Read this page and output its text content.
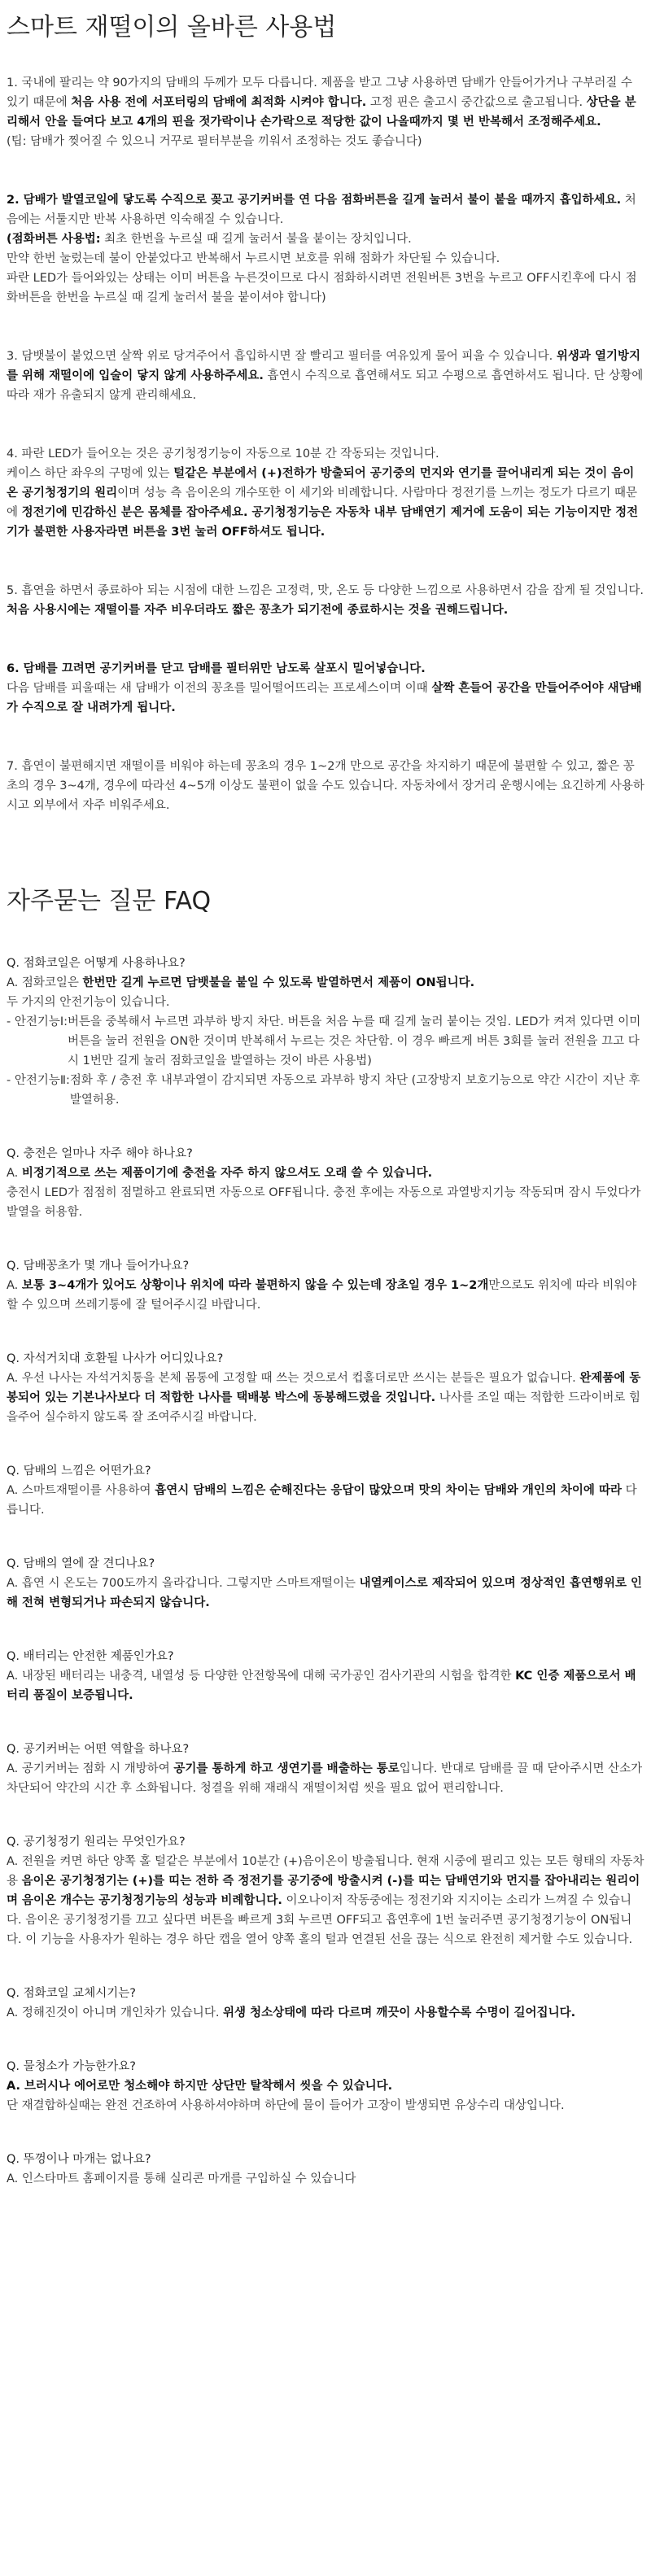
스마트 재떨이의 올바른 사용법

1. 국내에 팔리는 약 90가지의 담배의 두께가 모두 다릅니다. 제품을 받고 그냥 사용하면 담배가 안들어가거나 구부러질 수 있기 때문에 처음 사용 전에 서포터링의 담배에 최적화 시켜야 합니다. 고정 핀은 출고시 중간값으로 출고됩니다. 상단을 분리해서 안을 들여다 보고 4개의 핀을 젓가락이나 손가락으로 적당한 값이 나올때까지 몇 번 반복해서 조정해주세요.

(팁: 담배가 찢어질 수 있으니 거꾸로 필터부분을 끼워서 조정하는 것도 좋습니다)

2. 담배가 발열코일에 닿도록 수직으로 꽂고 공기커버를 연 다음 점화버튼을 길게 눌러서 불이 붙을 때까지 흡입하세요. 처음에는 서툴지만 반복 사용하면 익숙해질 수 있습니다.

(점화버튼 사용법: 최초 한번을 누르실 때 길게 눌러서 불을 붙이는 장치입니다.

만약 한번 눌렀는데 불이 안붙었다고 반복해서 누르시면 보호를 위해 점화가 차단될 수 있습니다.

파란 LED가 들어와있는 상태는 이미 버튼을 누른것이므로 다시 점화하시려면 전원버튼 3번을 누르고 OFF시킨후에 다시 점화버튼을 한번을 누르실 때 길게 눌러서 불을 붙이셔야 합니다)

3. 담뱃불이 붙었으면 살짝 위로 당겨주어서 흡입하시면 잘 빨리고 필터를 여유있게 물어 피울 수 있습니다. 위생과 열기방지를 위해 재떨이에 입술이 닿지 않게 사용하주세요. 흡연시 수직으로 흡연해셔도 되고 수평으로 흡연하셔도 됩니다. 단 상황에 따라 재가 유출되지 않게 관리해세요.

4. 파란 LED가 들어오는 것은 공기청정기능이 자동으로 10분 간 작동되는 것입니다.

케이스 하단 좌우의 구멍에 있는 털같은 부분에서 (+)전하가 방출되어 공기중의 먼지와 연기를 끌어내리게 되는 것이 음이온 공기청정기의 원리이며 성능 측 음이온의 개수또한 이 세기와 비례합니다. 사람마다 정전기를 느끼는 정도가 다르기 때문에 정전기에 민감하신 분은 몸체를 잡아주세요. 공기청정기능은 자동차 내부 담배연기 제거에 도움이 되는 기능이지만 정전기가 불편한 사용자라면 버튼을 3번 눌러 OFF하셔도 됩니다.

5. 흡연을 하면서 종료하아 되는 시점에 대한 느낌은 고정력, 맛, 온도 등 다양한 느낌으로 사용하면서 감을 잡게 될 것입니다. 처음 사용시에는 재떨이를 자주 비우더라도 짧은 꽁초가 되기전에 종료하시는 것을 권해드립니다.

6. 담배를 끄려면 공기커버를 닫고 담배를 필터위만 남도록 살포시 밀어넣습니다.

다음 담배를 피울때는 새 담배가 이전의 꽁초를 밀어떨어뜨리는 프로세스이며 이때 살짝 흔들어 공간을 만들어주어야 새담배가 수직으로 잘 내려가게 됩니다.

7. 흡연이 불편해지면 재떨이를 비워야 하는데 꽁초의 경우 1~2개 만으로 공간을 차지하기 때문에 불편할 수 있고, 짧은 꽁초의 경우 3~4개, 경우에 따라선 4~5개 이상도 불편이 없을 수도 있습니다. 자동차에서 장거리 운행시에는 요긴하게 사용하시고 외부에서 자주 비워주세요.

자주묻는 질문 FAQ

Q. 점화코일은 어떻게 사용하나요?

A. 점화코일은 한번만 길게 누르면 담뱃불을 붙일 수 있도록 발열하면서 제품이 ON됩니다.

두 가지의 안전기능이 있습니다.

- 안전기능Ⅰ: 버튼을 중복해서 누르면 과부하 방지 차단. 버튼을 처음 누를 때 길게 눌러 붙이는 것임. LED가 켜져 있다면 이미 버튼을 눌러 전원을 ON한 것이며 반복해서 누르는 것은 차단함. 이 경우 빠르게 버튼 3회를 눌러 전원을 끄고 다시 1번만 길게 눌러 점화코일을 발열하는 것이 바른 사용법)
- 안전기능Ⅱ: 점화 후 / 충전 후 내부과열이 감지되면 자동으로 과부하 방지 차단 (고장방지 보호기능으로 약간 시간이 지난 후 발열허용.

Q. 충전은 얼마나 자주 해야 하나요?

A. 비정기적으로 쓰는 제품이기에 충전을 자주 하지 않으셔도 오래 쓸 수 있습니다.

충전시 LED가 점점히 점멸하고 완료되면 자동으로 OFF됩니다. 충전 후에는 자동으로 과열방지기능 작동되며 잠시 두었다가 발열을 허용함.

Q. 담배꽁초가 몇 개나 들어가나요?

A. 보통 3~4개가 있어도 상황이나 위치에 따라 불편하지 않을 수 있는데 장초일 경우 1~2개만으로도 위치에 따라 비워야 할 수 있으며 쓰레기통에 잘 털어주시길 바랍니다.

Q. 자석거치대 호환될 나사가 어디있나요?

A. 우선 나사는 자석거치통을 본체 몸통에 고정할 때 쓰는 것으로서 컵홀더로만 쓰시는 분들은 필요가 없습니다. 완제품에 동봉되어 있는 기본나사보다 더 적합한 나사를 택배봉 박스에 동봉해드렸을 것입니다. 나사를 조일 때는 적합한 드라이버로 힘을주어 실수하지 않도록 잘 조여주시길 바랍니다.

Q. 담배의 느낌은 어떤가요?

A. 스마트재떨이를 사용하여 흡연시 담배의 느낌은 순해진다는 응답이 많았으며 맛의 차이는 담배와 개인의 차이에 따라 다릅니다.

Q. 담배의 열에 잘 견디나요?

A. 흡연 시 온도는 700도까지 올라갑니다. 그렇지만 스마트재떨이는 내열케이스로 제작되어 있으며 정상적인 흡연행위로 인해 전혀 변형되거나 파손되지 않습니다.

Q. 배터리는 안전한 제품인가요?

A. 내장된 배터리는 내충격, 내열성 등 다양한 안전항목에 대해 국가공인 검사기관의 시험을 합격한 KC 인증 제품으로서 배터리 품질이 보증됩니다.

Q. 공기커버는 어떤 역할을 하나요?

A. 공기커버는 점화 시 개방하여 공기를 통하게 하고 생연기를 배출하는 통로입니다. 반대로 담배를 끌 때 닫아주시면 산소가 차단되어 약간의 시간 후 소화됩니다. 청결을 위해 재래식 재떨이처럼 씻을 필요 없어 편리합니다.

Q. 공기청정기 원리는 무엇인가요?

A. 전원을 켜면 하단 양쪽 홀 털같은 부분에서 10분간 (+)음이온이 방출됩니다. 현재 시중에 필리고 있는 모든 형태의 자동차용 음이온 공기청정기는 (+)를 띠는 전하 즉 정전기를 공기중에 방출시켜 (-)를 띠는 담배연기와 먼지를 잡아내리는 원리이며 음이온 개수는 공기청정기능의 성능과 비례합니다. 이오나이저 작동중에는 정전기와 지지이는 소리가 느껴질 수 있습니다. 음이온 공기청정기를 끄고 싶다면 버튼을 빠르게 3회 누르면 OFF되고 흡연후에 1번 눌러주면 공기청정기능이 ON됩니다. 이 기능을 사용자가 원하는 경우 하단 캡을 열어 양쪽 홀의 털과 연결된 선을 끊는 식으로 완전히 제거할 수도 있습니다.

Q. 점화코일 교체시기는?

A. 정해진것이 아니며 개인차가 있습니다. 위생 청소상태에 따라 다르며 깨끗이 사용할수록 수명이 길어집니다.

Q. 물청소가 가능한가요?

A. 브러시나 에어로만 청소해야 하지만 상단만 탈착해서 씻을 수 있습니다.

단 재결합하실때는 완전 건조하여 사용하셔야하며 하단에 물이 들어가 고장이 발생되면 유상수리 대상입니다.

Q. 뚜껑이나 마개는 없나요?

A. 인스타마트 홈페이지를 통해 실리콘 마개를 구입하실 수 있습니다
